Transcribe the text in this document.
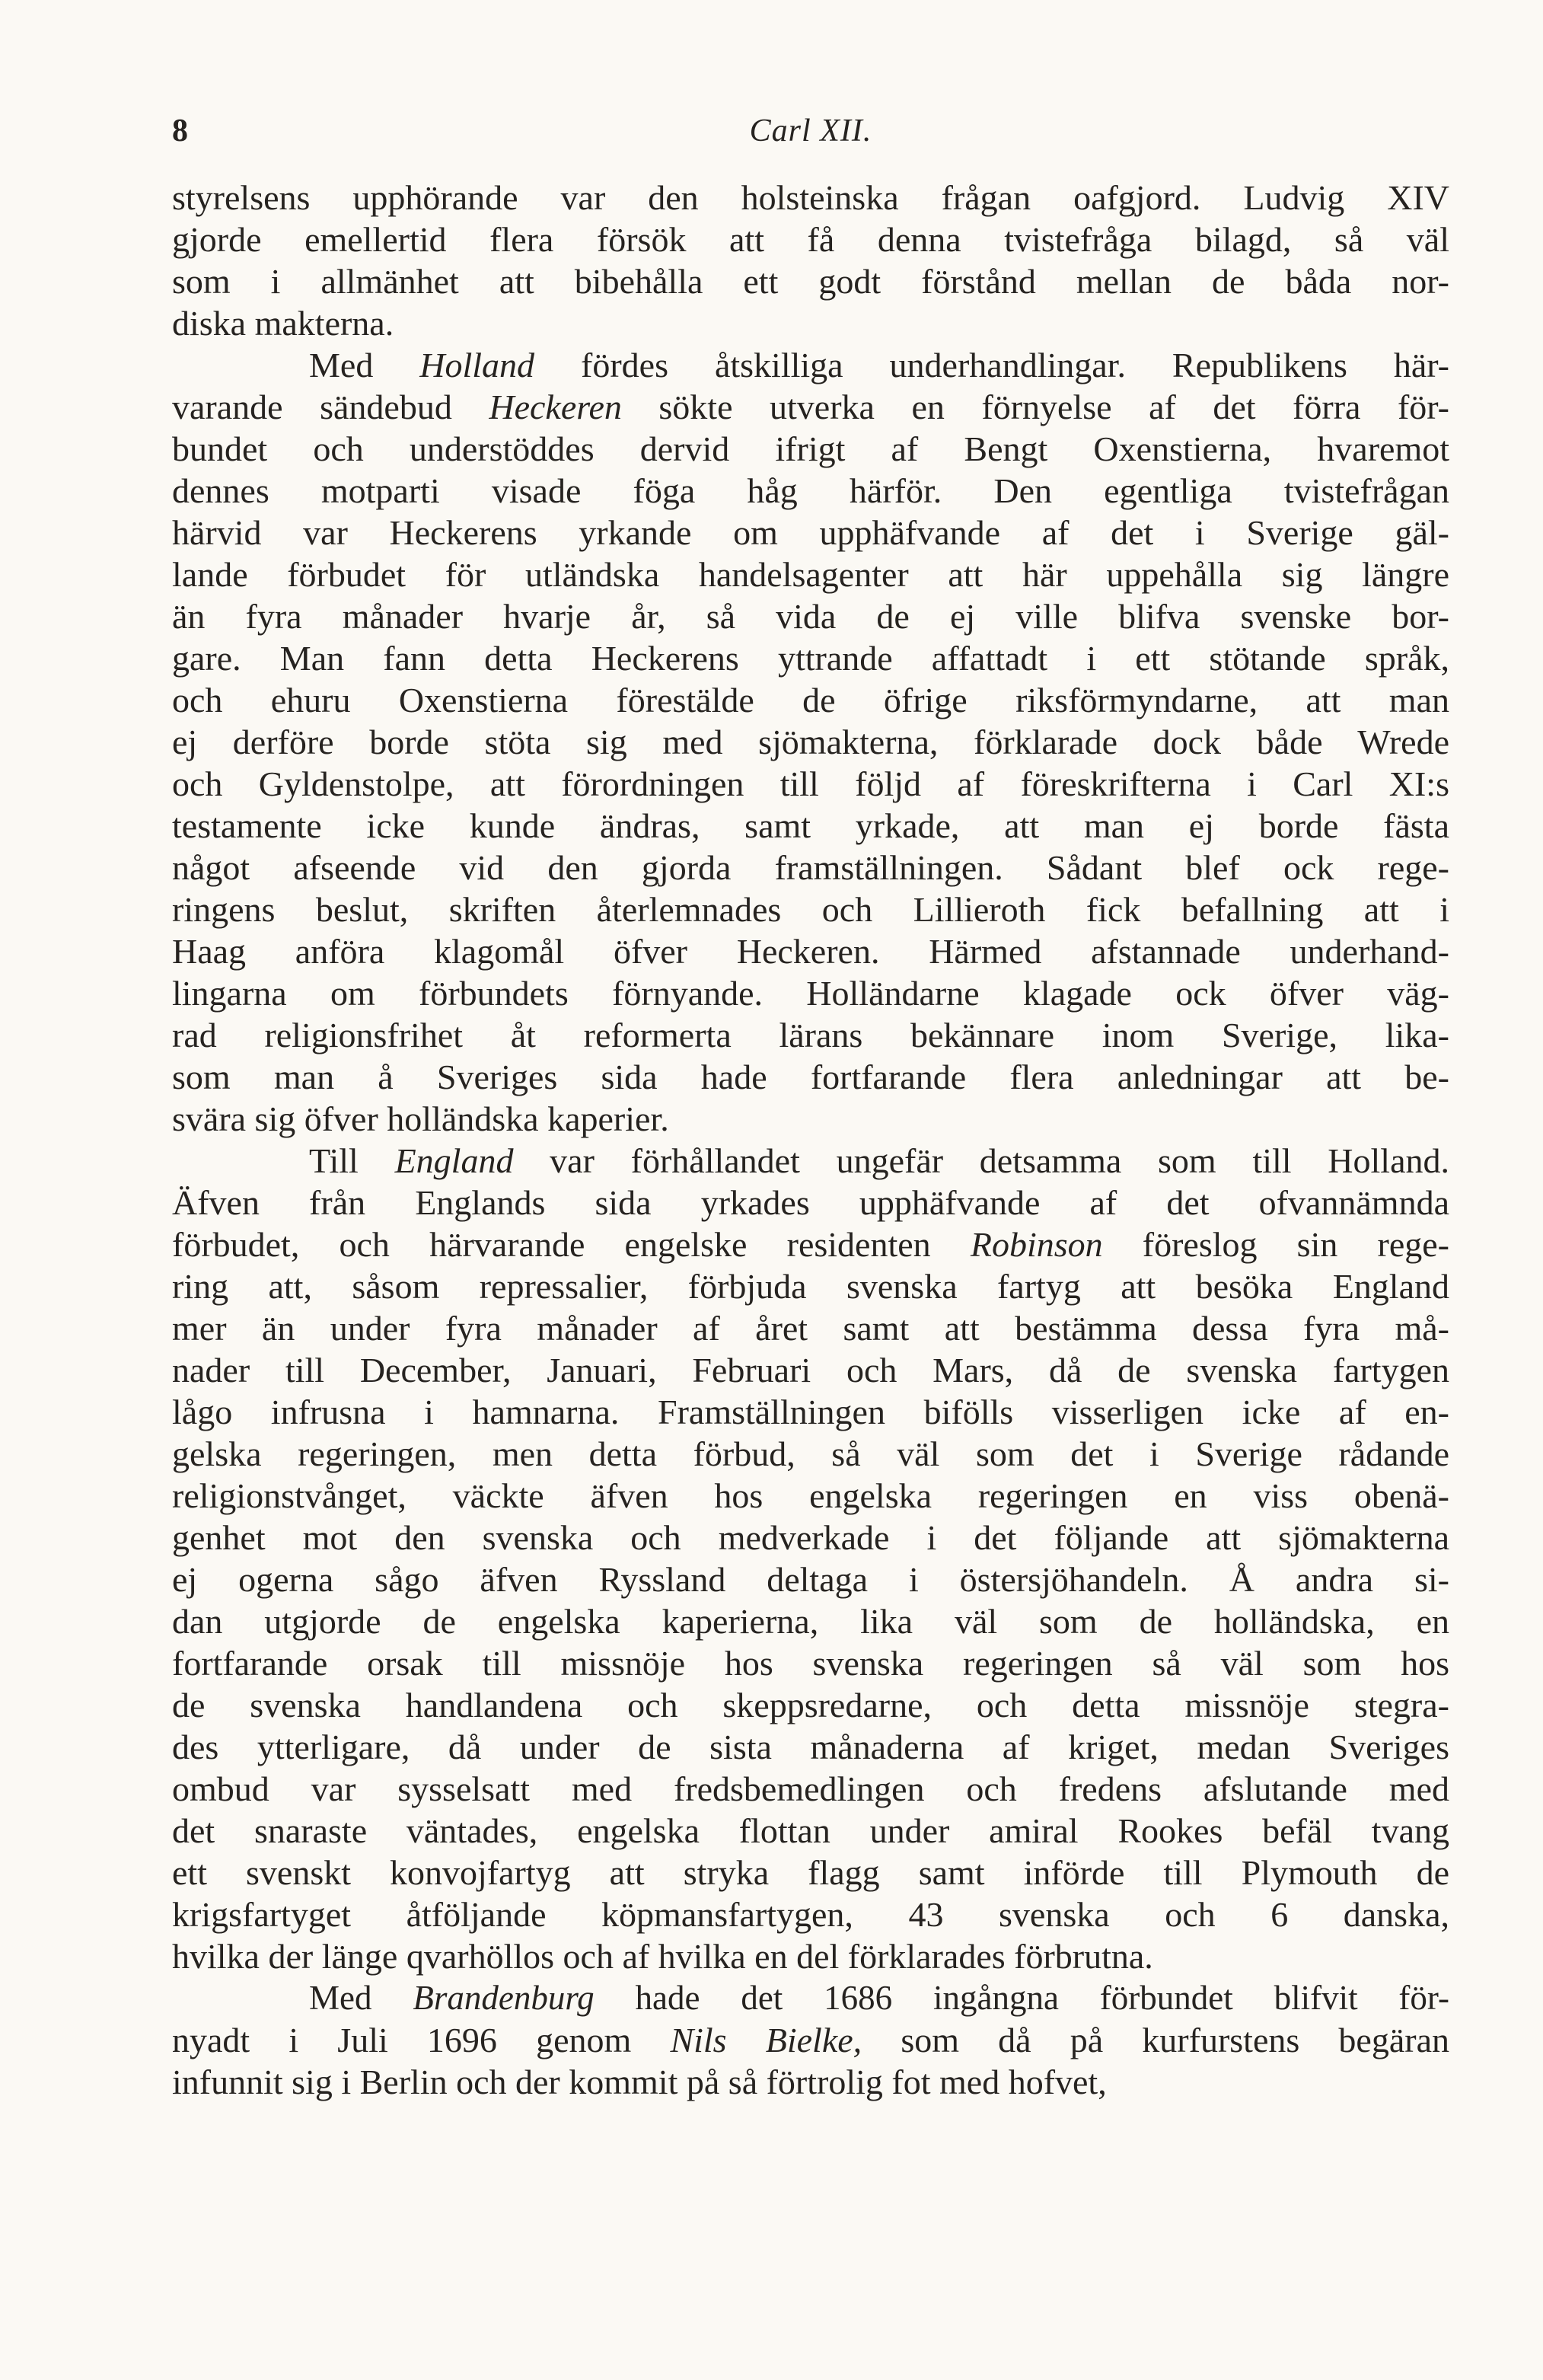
8	Carl XII.
styrelsens upphörande var den holsteinska frågan oafgjord. Ludvig XIV
gjorde emellertid flera försök att få denna tvistefråga bilagd, så väl
som i allmänhet att bibehålla ett godt förstånd mellan de båda nor-
diska makterna.
Med Holland fördes åtskilliga underhandlingar. Republikens här-
varande sändebud Heckeren sökte utverka en förnyelse af det förra för-
bundet och understöddes dervid ifrigt af Bengt Oxenstierna, hvaremot
dennes motparti visade föga håg härför. Den egentliga tvistefrågan
härvid var Heckerens yrkande om upphäfvande af det i Sverige gäl-
lande förbudet för utländska handelsagenter att här uppehålla sig längre
än fyra månader hvarje år, så vida de ej ville blifva svenske bor-
gare. Man fann detta Heckerens yttrande affattadt i ett stötande språk,
och ehuru Oxenstierna förestälde de öfrige riksförmyndarne, att man
ej derföre borde stöta sig med sjömakterna, förklarade dock både Wrede
och Gyldenstolpe, att förordningen till följd af föreskrifterna i Carl XI:s
testamente icke kunde ändras, samt yrkade, att man ej borde fästa
något afseende vid den gjorda framställningen. Sådant blef ock rege-
ringens beslut, skriften återlemnades och Lillieroth fick befallning att i
Haag anföra klagomål öfver Heckeren. Härmed afstannade underhand-
lingarna om förbundets förnyande. Holländarne klagade ock öfver väg-
rad religionsfrihet åt reformerta lärans bekännare inom Sverige, lika-
som man å Sveriges sida hade fortfarande flera anledningar att be-
svära sig öfver holländska kaperier.
Till England var förhållandet ungefär detsamma som till Holland.
Äfven från Englands sida yrkades upphäfvande af det ofvannämnda
förbudet, och härvarande engelske residenten Robinson föreslog sin rege-
ring att, såsom repressalier, förbjuda svenska fartyg att besöka England
mer än under fyra månader af året samt att bestämma dessa fyra må-
nader till December, Januari, Februari och Mars, då de svenska fartygen
lågo infrusna i hamnarna. Framställningen bifölls visserligen icke af en-
gelska regeringen, men detta förbud, så väl som det i Sverige rådande
religionstvånget, väckte äfven hos engelska regeringen en viss obenä-
genhet mot den svenska och medverkade i det följande att sjömakterna
ej ogerna sågo äfven Ryssland deltaga i östersjöhandeln. Å andra si-
dan utgjorde de engelska kaperierna, lika väl som de holländska, en
fortfarande orsak till missnöje hos svenska regeringen så väl som hos
de svenska handlandena och skeppsredarne, och detta missnöje stegra-
des ytterligare, då under de sista månaderna af kriget, medan Sveriges
ombud var sysselsatt med fredsbemedlingen och fredens afslutande med
det snaraste väntades, engelska flottan under amiral Rookes befäl tvang
ett svenskt konvojfartyg att stryka flagg samt införde till Plymouth de
krigsfartyget åtföljande köpmansfartygen, 43 svenska och 6 danska,
hvilka der länge qvarhöllos och af hvilka en del förklarades förbrutna.
Med Brandenburg hade det 1686 ingångna förbundet blifvit för-
nyadt i Juli 1696 genom Nils Bielke, som då på kurfurstens begäran
infunnit sig i Berlin och der kommit på så förtrolig fot med hofvet,
